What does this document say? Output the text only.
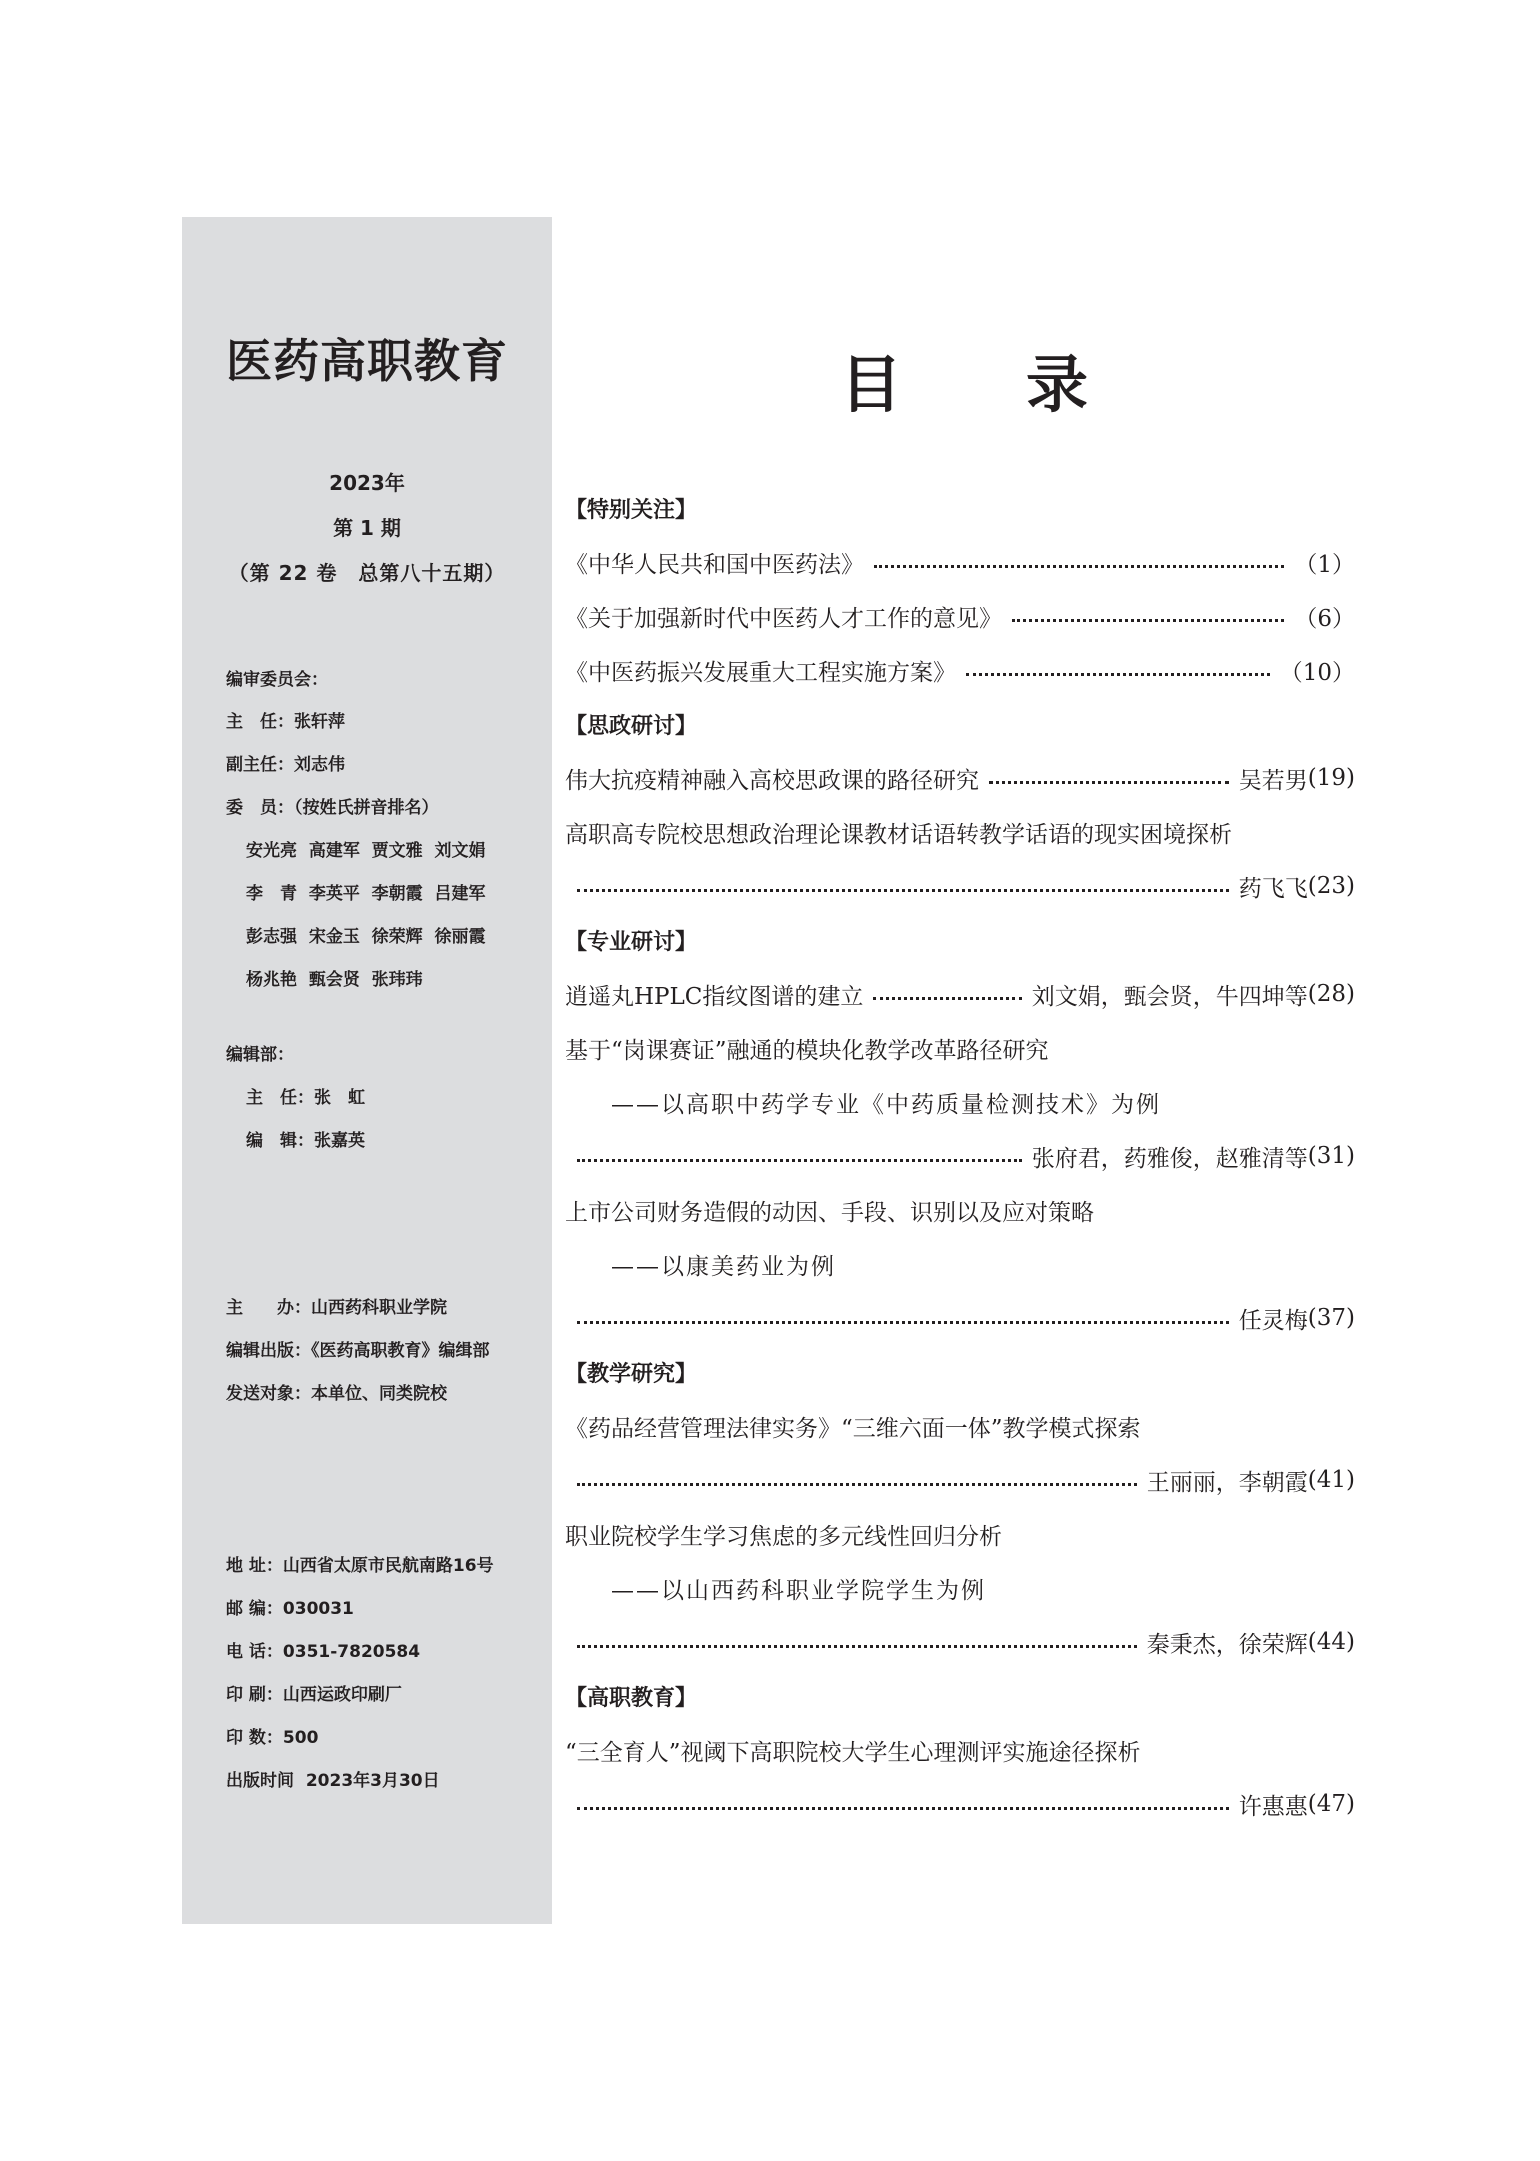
医药高职教育
2023年
第 1 期
（第 22 卷　总第八十五期）
编审委员会：
主　任：张轩萍
副主任：刘志伟
委　员：（按姓氏拼音排名）
安光亮  高建军  贾文雅  刘文娟
李　青  李英平  李朝霞  吕建军
彭志强  宋金玉  徐荣辉  徐丽霞
杨兆艳  甄会贤  张玮玮
编辑部：
主　任：张　虹
编　辑：张嘉英
主　　办：山西药科职业学院
编辑出版：《医药高职教育》编缉部
发送对象：本单位、同类院校
地 址：山西省太原市民航南路16号
邮 编：030031
电 话：0351-7820584
印 刷：山西运政印刷厂
印 数：500
出版时间  2023年3月30日
目　　录
【特别关注】
《中华人民共和国中医药法》	（1）
《关于加强新时代中医药人才工作的意见》	（6）
《中医药振兴发展重大工程实施方案》	（10）
【思政研讨】
伟大抗疫精神融入高校思政课的路径研究	吴若男 (19)
高职高专院校思想政治理论课教材话语转教学话语的现实困境探析
药飞飞 (23)
【专业研讨】
逍遥丸HPLC指纹图谱的建立	刘文娟，甄会贤，牛四坤等 (28)
基于“岗课赛证”融通的模块化教学改革路径研究
——以高职中药学专业《中药质量检测技术》为例
张府君，药雅俊，赵雅清等 (31)
上市公司财务造假的动因、手段、识别以及应对策略
——以康美药业为例
任灵梅 (37)
【教学研究】
《药品经营管理法律实务》“三维六面一体”教学模式探索
王丽丽，李朝霞 (41)
职业院校学生学习焦虑的多元线性回归分析
——以山西药科职业学院学生为例
秦秉杰，徐荣辉 (44)
【高职教育】
“三全育人”视阈下高职院校大学生心理测评实施途径探析
许惠惠 (47)
